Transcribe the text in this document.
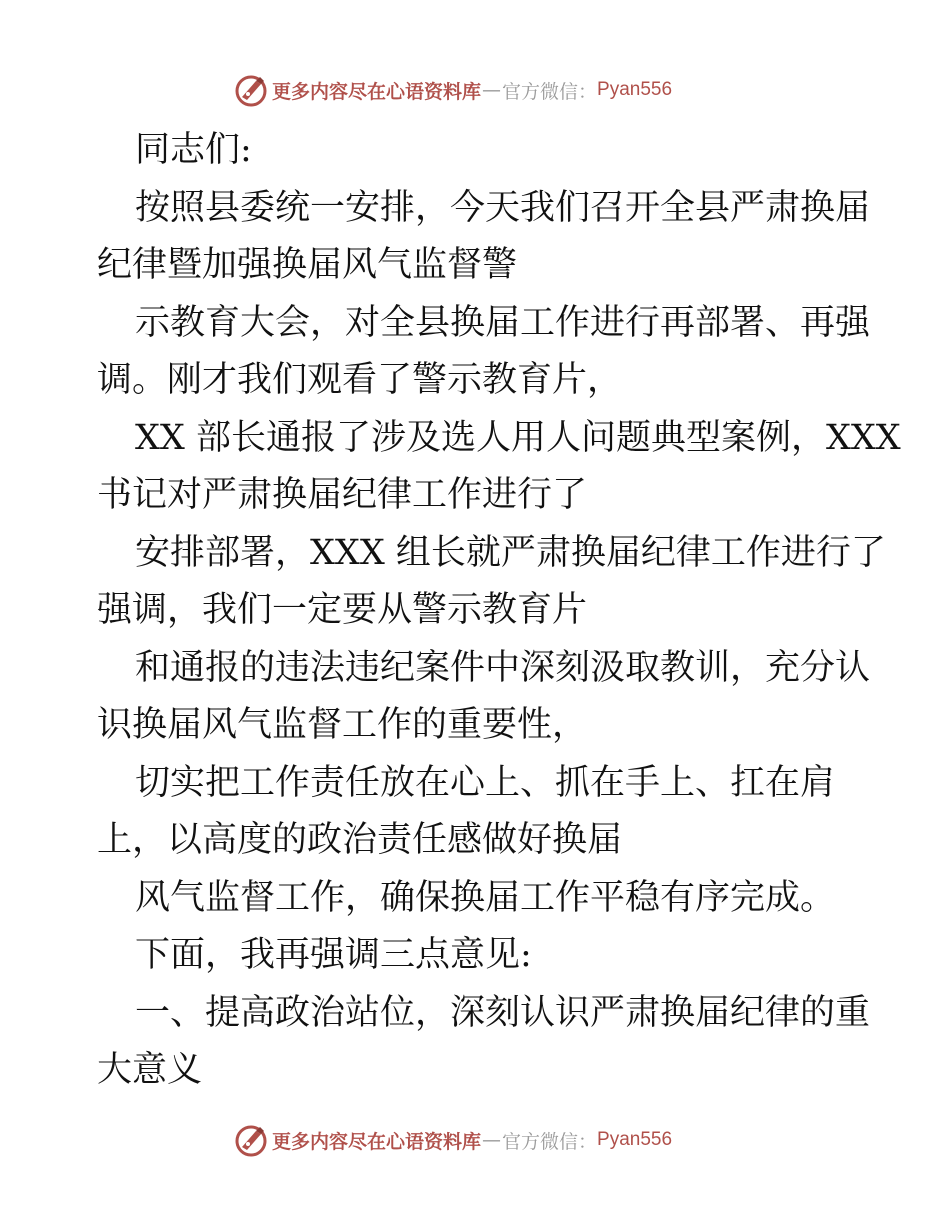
更多内容尽在心语资料库 — 官方微信： Pyan556
同志们:
按照县委统一安排，今天我们召开全县严肃换届
纪律暨加强换届风气监督警
示教育大会，对全县换届工作进行再部署、再强
调。刚才我们观看了警示教育片，
XX 部长通报了涉及选人用人问题典型案例，XXX
书记对严肃换届纪律工作进行了
安排部署，XXX 组长就严肃换届纪律工作进行了
强调，我们一定要从警示教育片
和通报的违法违纪案件中深刻汲取教训，充分认
识换届风气监督工作的重要性，
切实把工作责任放在心上、抓在手上、扛在肩
上，以高度的政治责任感做好换届
风气监督工作，确保换届工作平稳有序完成。
下面，我再强调三点意见:
一、提高政治站位，深刻认识严肃换届纪律的重
大意义
更多内容尽在心语资料库 — 官方微信： Pyan556
